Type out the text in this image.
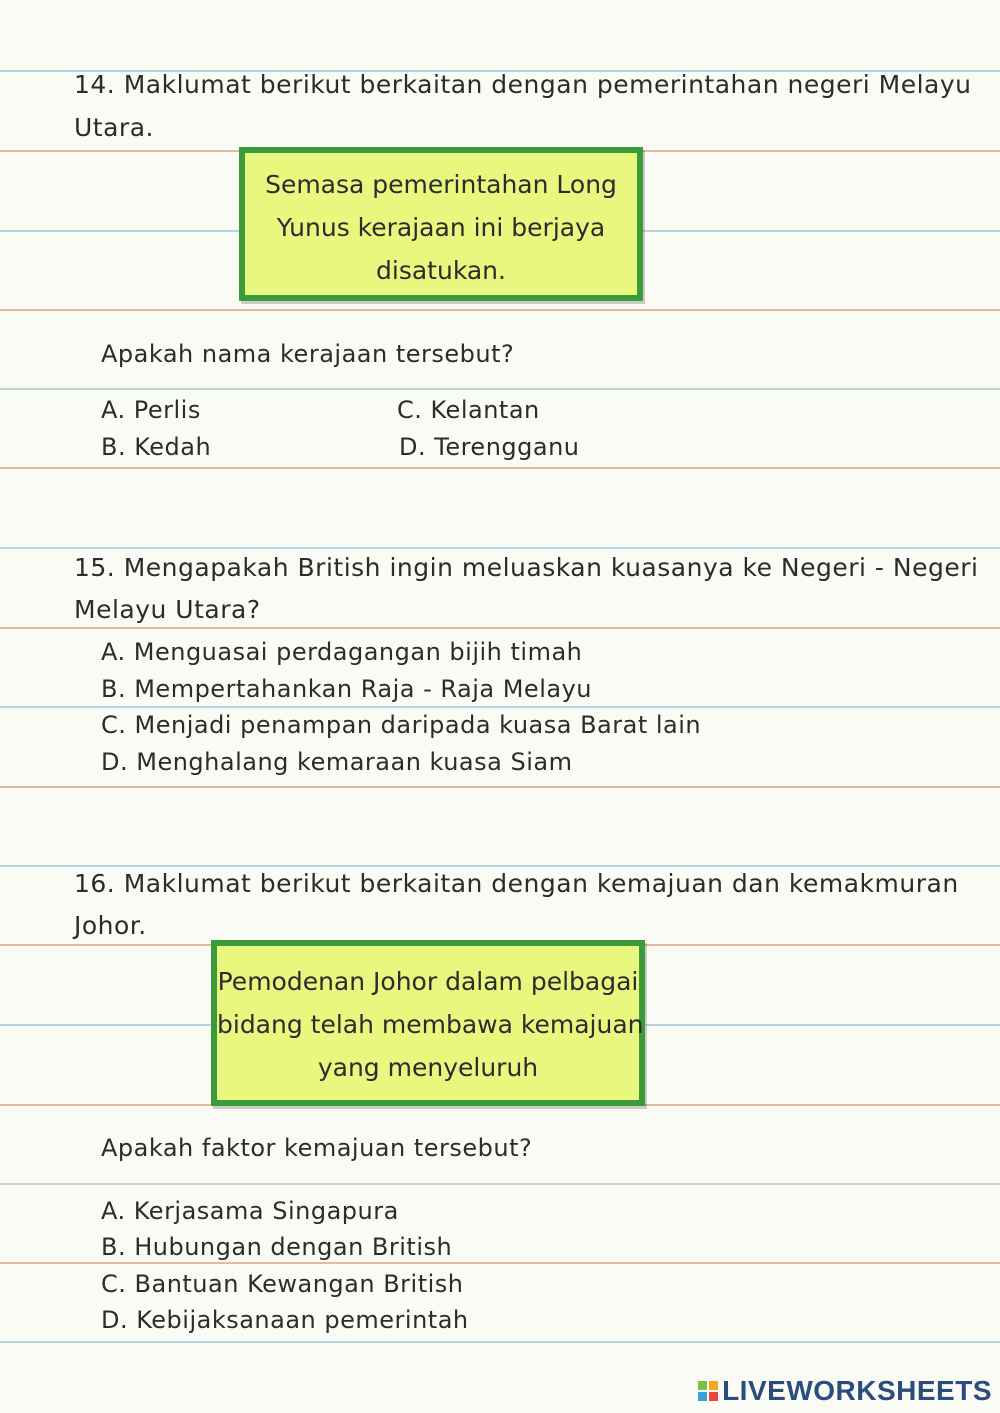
14. Maklumat berikut berkaitan dengan pemerintahan negeri Melayu
Utara.
Semasa pemerintahan Long
Yunus kerajaan ini berjaya
disatukan.
Apakah nama kerajaan tersebut?
A. Perlis
B. Kedah
C. Kelantan
D. Terengganu
15. Mengapakah British ingin meluaskan kuasanya ke Negeri - Negeri
Melayu Utara?
A. Menguasai perdagangan bijih timah
B. Mempertahankan Raja - Raja Melayu
C. Menjadi penampan daripada kuasa Barat lain
D. Menghalang kemaraan kuasa Siam
16. Maklumat berikut berkaitan dengan kemajuan dan kemakmuran
Johor.
Pemodenan Johor dalam pelbagai
bidang telah membawa kemajuan
yang menyeluruh
Apakah faktor kemajuan tersebut?
A. Kerjasama Singapura
B. Hubungan dengan British
C. Bantuan Kewangan British
D. Kebijaksanaan pemerintah
LIVEWORKSHEETS
